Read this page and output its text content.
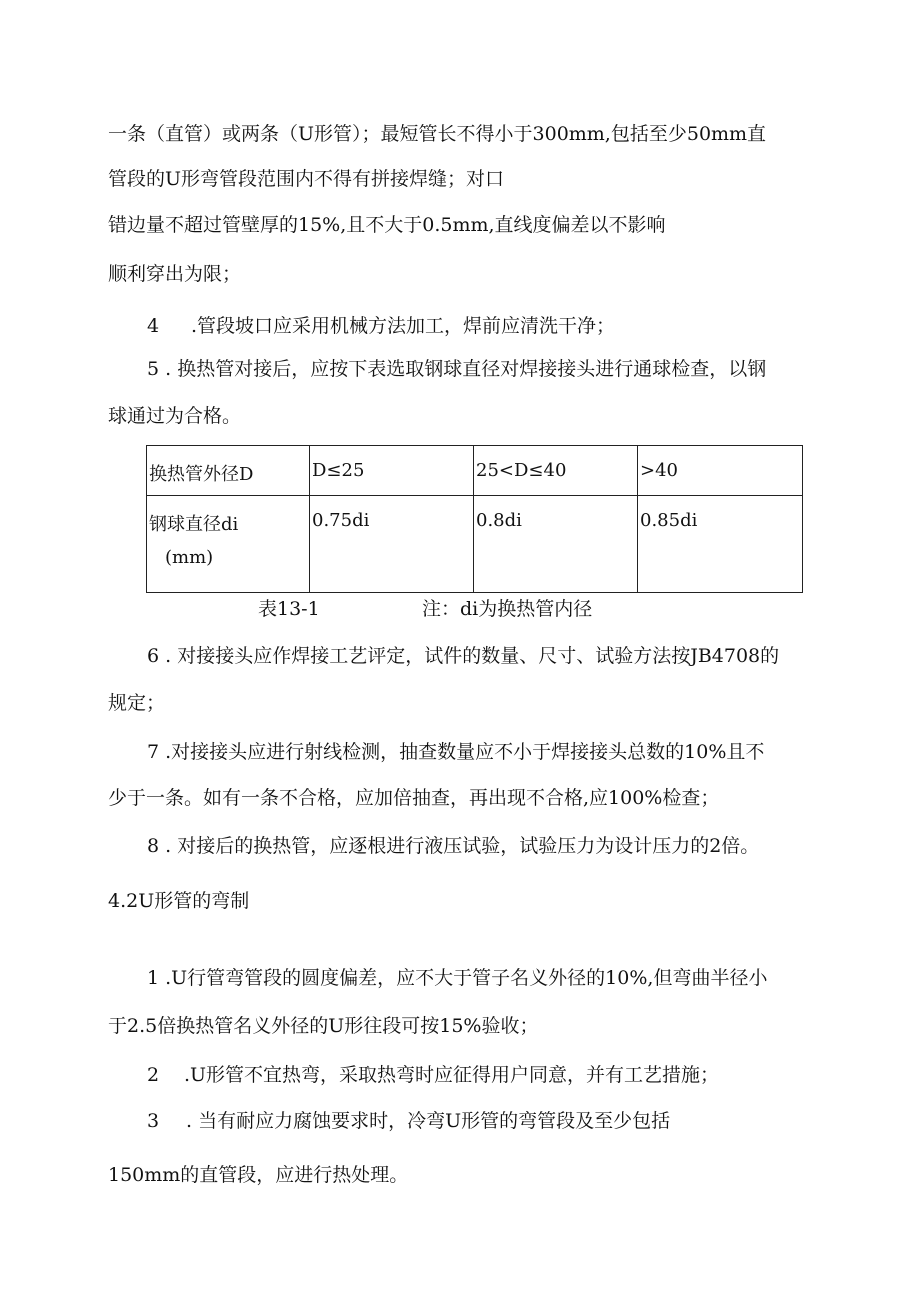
一条（直管）或两条（U形管）；最短管长不得小于300mm,包括至少50mm直
管段的U形弯管段范围内不得有拼接焊缝；对口
错边量不超过管壁厚的15%,且不大于0.5mm,直线度偏差以不影响
顺利穿出为限；
4 .管段坡口应采用机械方法加工，焊前应清洗干净；
5 . 换热管对接后，应按下表选取钢球直径对焊接接头进行通球检查，以钢
球通过为合格。
换热管外径D	D≤25	25<D≤40	>40

钢球直径di
(mm)	0.75di	0.8di	0.85di
表13-1	注：di为换热管内径
6 . 对接接头应作焊接工艺评定，试件的数量、尺寸、试验方法按JB4708的
规定；
7 .对接接头应进行射线检测，抽查数量应不小于焊接接头总数的10%且不
少于一条。如有一条不合格，应加倍抽查，再出现不合格,应100%检查；
8 . 对接后的换热管，应逐根进行液压试验，试验压力为设计压力的2倍。
4.2U形管的弯制
1 .U行管弯管段的圆度偏差，应不大于管子名义外径的10%,但弯曲半径小
于2.5倍换热管名义外径的U形往段可按15%验收；
2 .U形管不宜热弯，采取热弯时应征得用户同意，并有工艺措施；
3 . 当有耐应力腐蚀要求时，冷弯U形管的弯管段及至少包括
150mm的直管段，应进行热处理。
